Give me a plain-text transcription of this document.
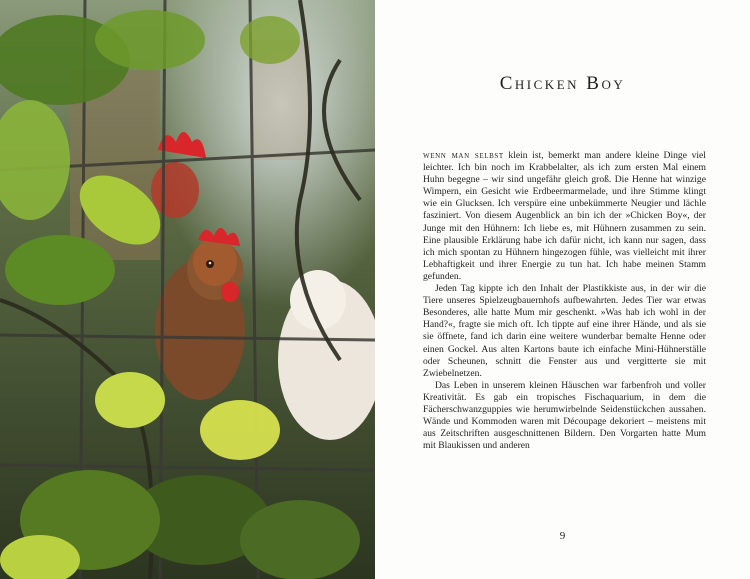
Chicken Boy

wenn man selbst klein ist, bemerkt man andere kleine Dinge viel leichter. Ich bin noch im Krabbelalter, als ich zum ersten Mal einem Huhn begegne – wir sind ungefähr gleich groß. Die Henne hat winzige Wimpern, ein Gesicht wie Erdbeermarmelade, und ihre Stimme klingt wie ein Glucksen. Ich verspüre eine unbekümmerte Neugier und lächle fasziniert. Von diesem Augenblick an bin ich der »Chicken Boy«, der Junge mit den Hühnern: Ich liebe es, mit Hühnern zusammen zu sein. Eine plausible Erklärung habe ich dafür nicht, ich kann nur sagen, dass ich mich spontan zu Hühnern hingezogen fühle, was vielleicht mit ihrer Lebhaftigkeit und ihrer Energie zu tun hat. Ich habe meinen Stamm gefunden.

Jeden Tag kippte ich den Inhalt der Plastikkiste aus, in der wir die Tiere unseres Spielzeugbauernhofs aufbewahrten. Jedes Tier war etwas Besonderes, alle hatte Mum mir geschenkt. »Was hab ich wohl in der Hand?«, fragte sie mich oft. Ich tippte auf eine ihrer Hände, und als sie sie öffnete, fand ich darin eine weitere wunderbar bemalte Henne oder einen Gockel. Aus alten Kartons baute ich einfache Mini-Hühnerställe oder Scheunen, schnitt die Fenster aus und vergitterte sie mit Zwiebelnetzen.

Das Leben in unserem kleinen Häuschen war farbenfroh und voller Kreativität. Es gab ein tropisches Fischaquarium, in dem die Fächerschwanzguppies wie herumwirbelnde Seidenstückchen aussahen. Wände und Kommoden waren mit Découpage dekoriert – meistens mit aus Zeitschriften ausgeschnittenen Bildern. Den Vorgarten hatte Mum mit Blaukissen und anderen

9
